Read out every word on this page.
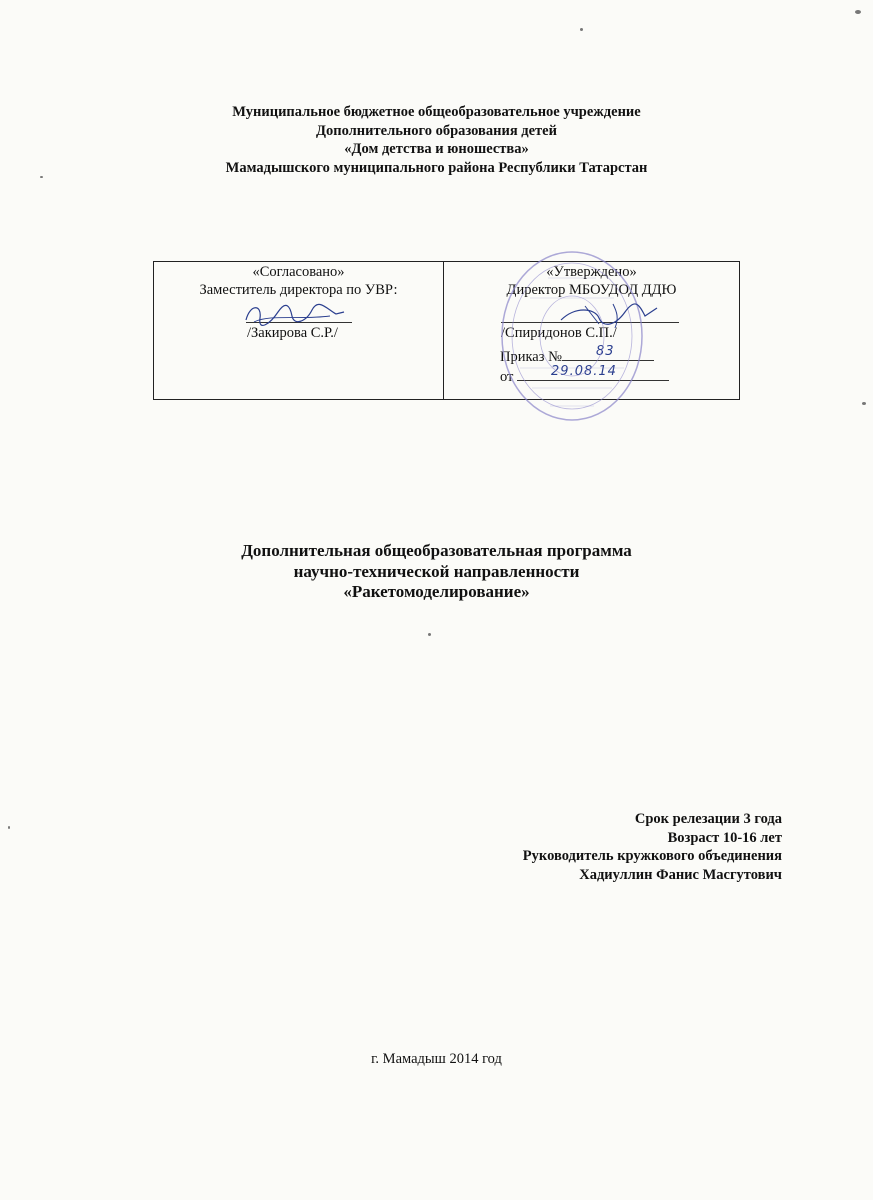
Муниципальное бюджетное общеобразовательное учреждение
Дополнительного образования детей
«Дом детства и юношества»
Мамадышского муниципального района Республики Татарстан
«Согласовано»
Заместитель директора по УВР:
/Закирова С.Р./
«Утверждено»
Директор МБОУДОД ДДЮ
/Спиридонов С.П./
Приказ №	83
от	29.08.14
Дополнительная общеобразовательная программа
научно-технической направленности
«Ракетомоделирование»
Срок релезации 3 года
Возраст 10-16 лет
Руководитель кружкового объединения
Хадиуллин Фанис Масгутович
г. Мамадыш 2014 год
